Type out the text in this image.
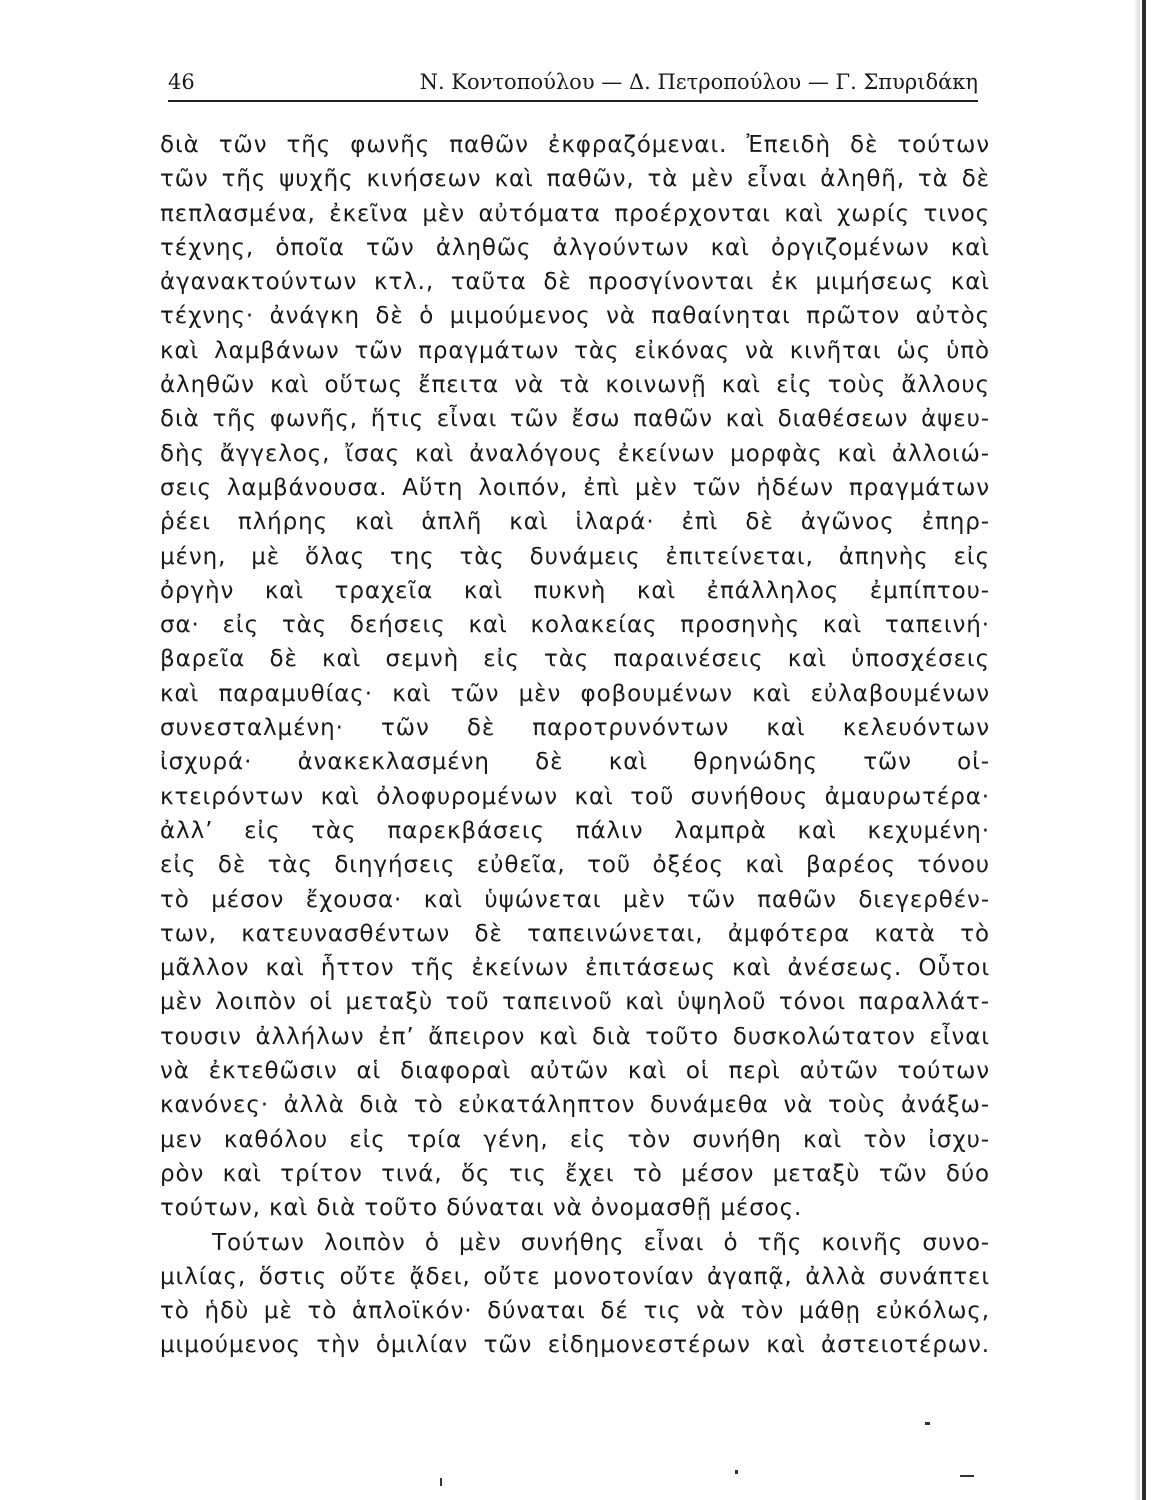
46	Ν. Κοντοπούλου — Δ. Πετροπούλου — Γ. Σπυριδάκη
διὰ τῶν τῆς φωνῆς παθῶν ἐκφραζόμεναι. Ἐπειδὴ δὲ τούτων
τῶν τῆς ψυχῆς κινήσεων καὶ παθῶν, τὰ μὲν εἶναι ἀληθῆ, τὰ δὲ
πεπλασμένα, ἐκεῖνα μὲν αὐτόματα προέρχονται καὶ χωρίς τινος
τέχνης, ὁποῖα τῶν ἀληθῶς ἀλγούντων καὶ ὀργιζομένων καὶ
ἀγανακτούντων κτλ., ταῦτα δὲ προσγίνονται ἐκ μιμήσεως καὶ
τέχνης· ἀνάγκη δὲ ὁ μιμούμενος νὰ παθαίνηται πρῶτον αὐτὸς
καὶ λαμβάνων τῶν πραγμάτων τὰς εἰκόνας νὰ κινῆται ὡς ὑπὸ
ἀληθῶν καὶ οὕτως ἔπειτα νὰ τὰ κοινωνῇ καὶ εἰς τοὺς ἄλλους
διὰ τῆς φωνῆς, ἥτις εἶναι τῶν ἔσω παθῶν καὶ διαθέσεων ἀψευ-
δὴς ἄγγελος, ἴσας καὶ ἀναλόγους ἐκείνων μορφὰς καὶ ἀλλοιώ-
σεις λαμβάνουσα. Αὕτη λοιπόν, ἐπὶ μὲν τῶν ἡδέων πραγμάτων
ῥέει πλήρης καὶ ἁπλῆ καὶ ἱλαρά· ἐπὶ δὲ ἀγῶνος ἐπηρ-
μένη, μὲ ὅλας της τὰς δυνάμεις ἐπιτείνεται, ἀπηνὴς εἰς
ὀργὴν καὶ τραχεῖα καὶ πυκνὴ καὶ ἐπάλληλος ἐμπίπτου-
σα· εἰς τὰς δεήσεις καὶ κολακείας προσηνὴς καὶ ταπεινή·
βαρεῖα δὲ καὶ σεμνὴ εἰς τὰς παραινέσεις καὶ ὑποσχέσεις
καὶ παραμυθίας· καὶ τῶν μὲν φοβουμένων καὶ εὐλαβουμένων
συνεσταλμένη· τῶν δὲ παροτρυνόντων καὶ κελευόντων
ἰσχυρά· ἀνακεκλασμένη δὲ καὶ θρηνώδης τῶν οἰ-
κτειρόντων καὶ ὀλοφυρομένων καὶ τοῦ συνήθους ἀμαυρωτέρα·
ἀλλ’ εἰς τὰς παρεκβάσεις πάλιν λαμπρὰ καὶ κεχυμένη·
εἰς δὲ τὰς διηγήσεις εὐθεῖα, τοῦ ὀξέος καὶ βαρέος τόνου
τὸ μέσον ἔχουσα· καὶ ὑψώνεται μὲν τῶν παθῶν διεγερθέν-
των, κατευνασθέντων δὲ ταπεινώνεται, ἀμφότερα κατὰ τὸ
μᾶλλον καὶ ἧττον τῆς ἐκείνων ἐπιτάσεως καὶ ἀνέσεως. Οὗτοι
μὲν λοιπὸν οἱ μεταξὺ τοῦ ταπεινοῦ καὶ ὑψηλοῦ τόνοι παραλλάτ-
τουσιν ἀλλήλων ἐπ’ ἄπειρον καὶ διὰ τοῦτο δυσκολώτατον εἶναι
νὰ ἐκτεθῶσιν αἱ διαφοραὶ αὐτῶν καὶ οἱ περὶ αὐτῶν τούτων
κανόνες· ἀλλὰ διὰ τὸ εὐκατάληπτον δυνάμεθα νὰ τοὺς ἀνάξω-
μεν καθόλου εἰς τρία γένη, εἰς τὸν συνήθη καὶ τὸν ἰσχυ-
ρὸν καὶ τρίτον τινά, ὅς τις ἔχει τὸ μέσον μεταξὺ τῶν δύο
τούτων, καὶ διὰ τοῦτο δύναται νὰ ὀνομασθῇ μέσος.
Τούτων λοιπὸν ὁ μὲν συνήθης εἶναι ὁ τῆς κοινῆς συνο-
μιλίας, ὅστις οὔτε ᾄδει, οὔτε μονοτονίαν ἀγαπᾷ, ἀλλὰ συνάπτει
τὸ ἡδὺ μὲ τὸ ἁπλοϊκόν· δύναται δέ τις νὰ τὸν μάθῃ εὐκόλως,
μιμούμενος τὴν ὁμιλίαν τῶν εἰδημονεστέρων καὶ ἀστειοτέρων.
